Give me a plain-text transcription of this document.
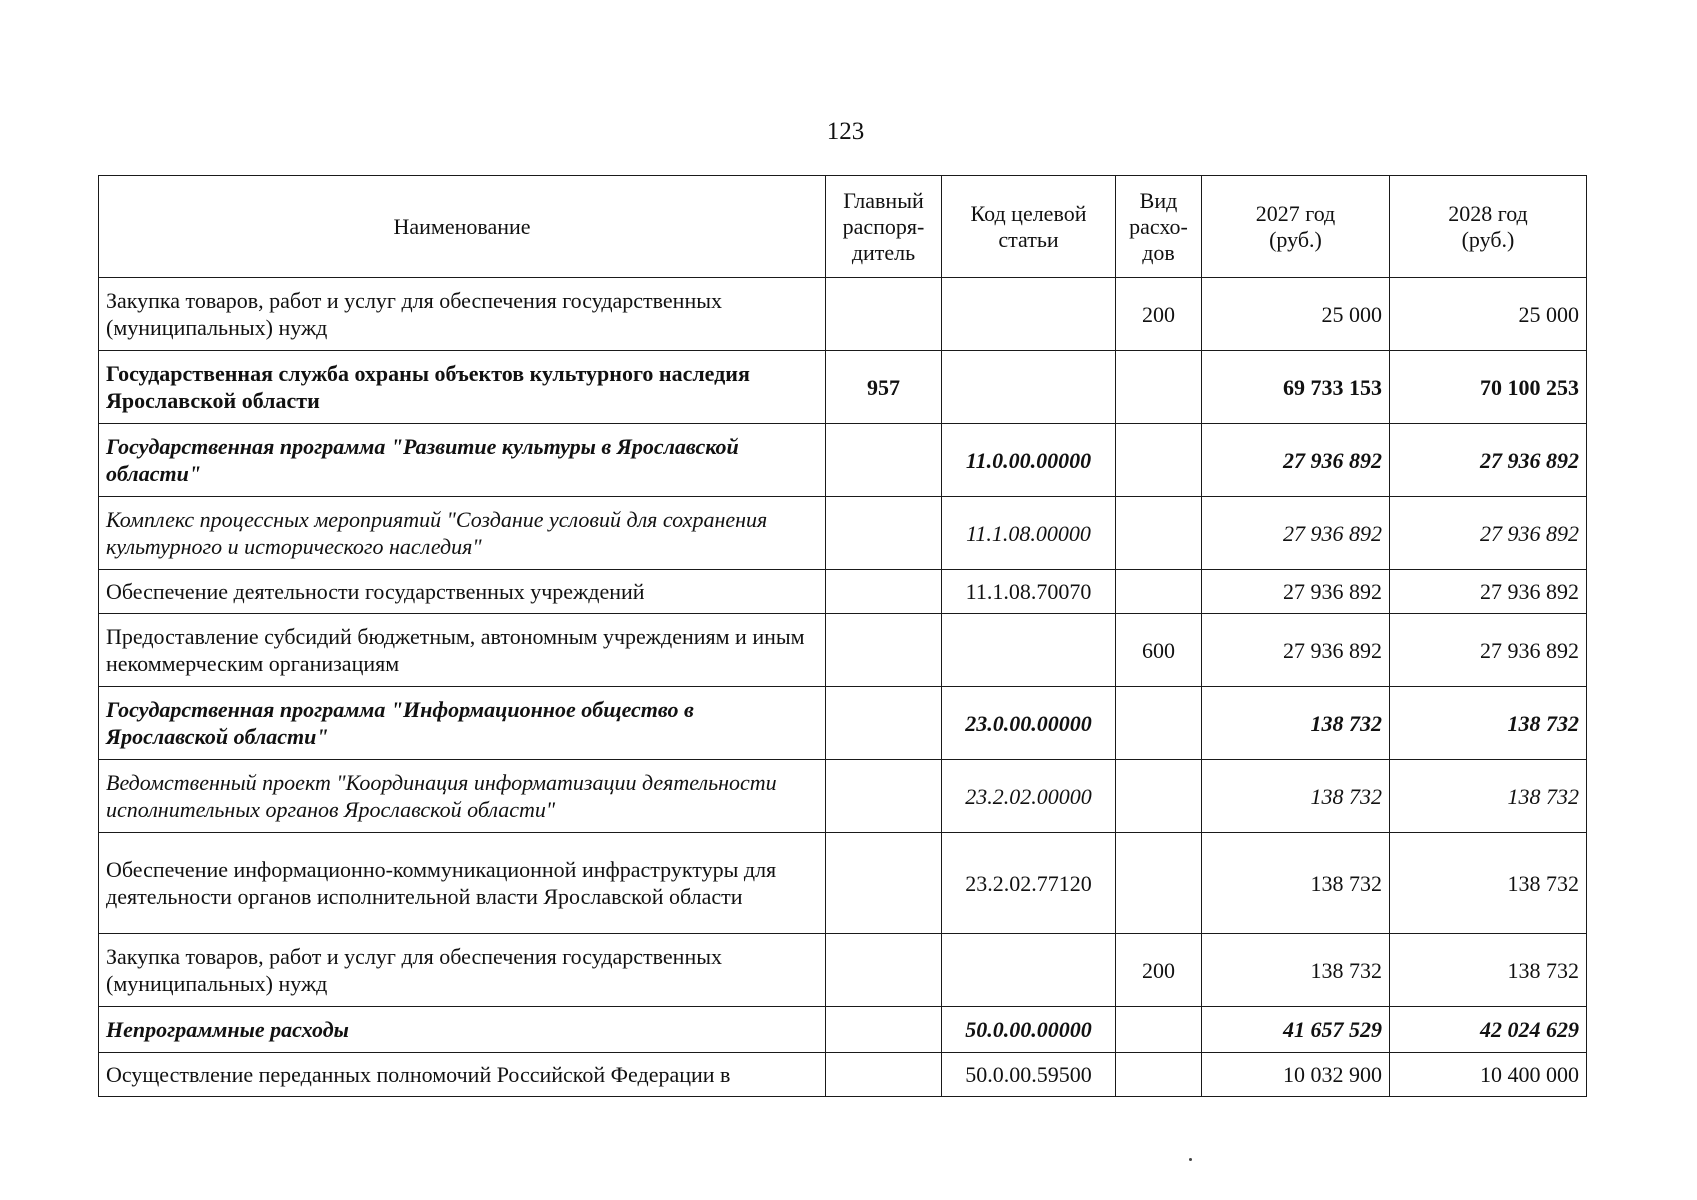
123
Наименование	Главный распоря-дитель	Код целевой статьи	Вид расхо-дов	2027 год (руб.)	2028 год (руб.)

Закупка товаров, работ и услуг для обеспечения государственных (муниципальных) нужд			200	25 000	25 000
Государственная служба охраны объектов культурного наследия Ярославской области	957			69 733 153	70 100 253
Государственная программа "Развитие культуры в Ярославской области"		11.0.00.00000		27 936 892	27 936 892
Комплекс процессных мероприятий "Создание условий для сохранения культурного и исторического наследия"		11.1.08.00000		27 936 892	27 936 892
Обеспечение деятельности государственных учреждений		11.1.08.70070		27 936 892	27 936 892
Предоставление субсидий бюджетным, автономным учреждениям и иным некоммерческим организациям			600	27 936 892	27 936 892
Государственная программа "Информационное общество в Ярославской области"		23.0.00.00000		138 732	138 732
Ведомственный проект "Координация информатизации деятельности исполнительных органов Ярославской области"		23.2.02.00000		138 732	138 732
Обеспечение информационно-коммуникационной инфраструктуры для деятельности органов исполнительной власти Ярославской области		23.2.02.77120		138 732	138 732
Закупка товаров, работ и услуг для обеспечения государственных (муниципальных) нужд			200	138 732	138 732
Непрограммные расходы		50.0.00.00000		41 657 529	42 024 629
Осуществление переданных полномочий Российской Федерации в		50.0.00.59500		10 032 900	10 400 000
